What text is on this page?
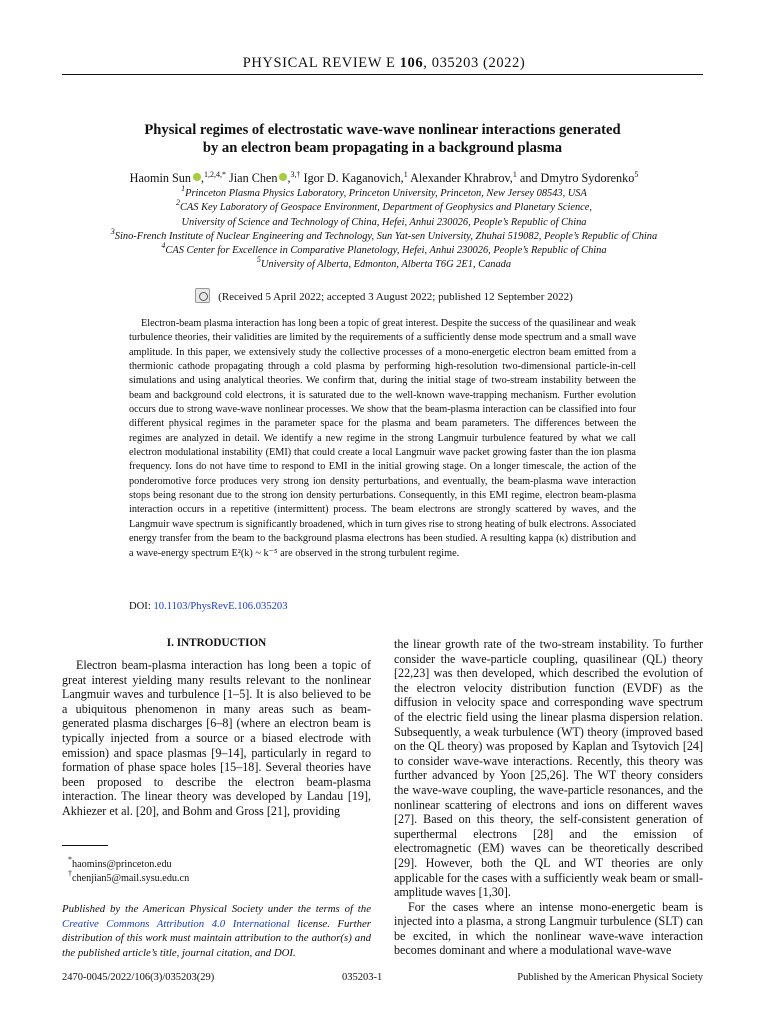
PHYSICAL REVIEW E 106, 035203 (2022)
Physical regimes of electrostatic wave-wave nonlinear interactions generated
by an electron beam propagating in a background plasma
Haomin Sun ,$^{1,2,4,*}$ Jian Chen ,$^{3,\dagger}$ Igor D. Kaganovich,$^1$ Alexander Khrabrov,$^1$ and Dmytro Sydorenko$^5$
$^1$Princeton Plasma Physics Laboratory, Princeton University, Princeton, New Jersey 08543, USA
$^2$CAS Key Laboratory of Geospace Environment, Department of Geophysics and Planetary Science,
University of Science and Technology of China, Hefei, Anhui 230026, People’s Republic of China
$^3$Sino-French Institute of Nuclear Engineering and Technology, Sun Yat-sen University, Zhuhai 519082, People’s Republic of China
$^4$CAS Center for Excellence in Comparative Planetology, Hefei, Anhui 230026, People’s Republic of China
$^5$University of Alberta, Edmonton, Alberta T6G 2E1, Canada
(Received 5 April 2022; accepted 3 August 2022; published 12 September 2022)

Electron-beam plasma interaction has long been a topic of great interest. Despite the success of the quasilinear and weak turbulence theories, their validities are limited by the requirements of a sufficiently dense mode spectrum and a small wave amplitude. In this paper, we extensively study the collective processes of a mono-energetic electron beam emitted from a thermionic cathode propagating through a cold plasma by performing high-resolution two-dimensional particle-in-cell simulations and using analytical theories. We confirm that, during the initial stage of two-stream instability between the beam and background cold electrons, it is saturated due to the well-known wave-trapping mechanism. Further evolution occurs due to strong wave-wave nonlinear processes. We show that the beam-plasma interaction can be classified into four different physical regimes in the parameter space for the plasma and beam parameters. The differences between the regimes are analyzed in detail. We identify a new regime in the strong Langmuir turbulence featured by what we call electron modulational instability (EMI) that could create a local Langmuir wave packet growing faster than the ion plasma frequency. Ions do not have time to respond to EMI in the initial growing stage. On a longer timescale, the action of the ponderomotive force produces very strong ion density perturbations, and eventually, the beam-plasma wave interaction stops being resonant due to the strong ion density perturbations. Consequently, in this EMI regime, electron beam-plasma interaction occurs in a repetitive (intermittent) process. The beam electrons are strongly scattered by waves, and the Langmuir wave spectrum is significantly broadened, which in turn gives rise to strong heating of bulk electrons. Associated energy transfer from the beam to the background plasma electrons has been studied. A resulting kappa (κ) distribution and a wave-energy spectrum E²(k) ~ k⁻⁵ are observed in the strong turbulent regime.

DOI: 10.1103/PhysRevE.106.035203
I. INTRODUCTION

Electron beam-plasma interaction has long been a topic of great interest yielding many results relevant to the nonlinear Langmuir waves and turbulence [1–5]. It is also believed to be a ubiquitous phenomenon in many areas such as beam-generated plasma discharges [6–8] (where an electron beam is typically injected from a source or a biased electrode with emission) and space plasmas [9–14], particularly in regard to formation of phase space holes [15–18]. Several theories have been proposed to describe the electron beam-plasma interaction. The linear theory was developed by Landau [19], Akhiezer et al. [20], and Bohm and Gross [21], providing

*haomins@princeton.edu
†chenjian5@mail.sysu.edu.cn
Published by the American Physical Society under the terms of the Creative Commons Attribution 4.0 International license. Further distribution of this work must maintain attribution to the author(s) and the published article’s title, journal citation, and DOI.

the linear growth rate of the two-stream instability. To further consider the wave-particle coupling, quasilinear (QL) theory [22,23] was then developed, which described the evolution of the electron velocity distribution function (EVDF) as the diffusion in velocity space and corresponding wave spectrum of the electric field using the linear plasma dispersion relation. Subsequently, a weak turbulence (WT) theory (improved based on the QL theory) was proposed by Kaplan and Tsytovich [24] to consider wave-wave interactions. Recently, this theory was further advanced by Yoon [25,26]. The WT theory considers the wave-wave coupling, the wave-particle resonances, and the nonlinear scattering of electrons and ions on different waves [27]. Based on this theory, the self-consistent generation of superthermal electrons [28] and the emission of electromagnetic (EM) waves can be theoretically described [29]. However, both the QL and WT theories are only applicable for the cases with a sufficiently weak beam or small-amplitude waves [1,30].

For the cases where an intense mono-energetic beam is injected into a plasma, a strong Langmuir turbulence (SLT) can be excited, in which the nonlinear wave-wave interaction becomes dominant and where a modulational wave-wave

2470-0045/2022/106(3)/035203(29)	035203-1	Published by the American Physical Society
